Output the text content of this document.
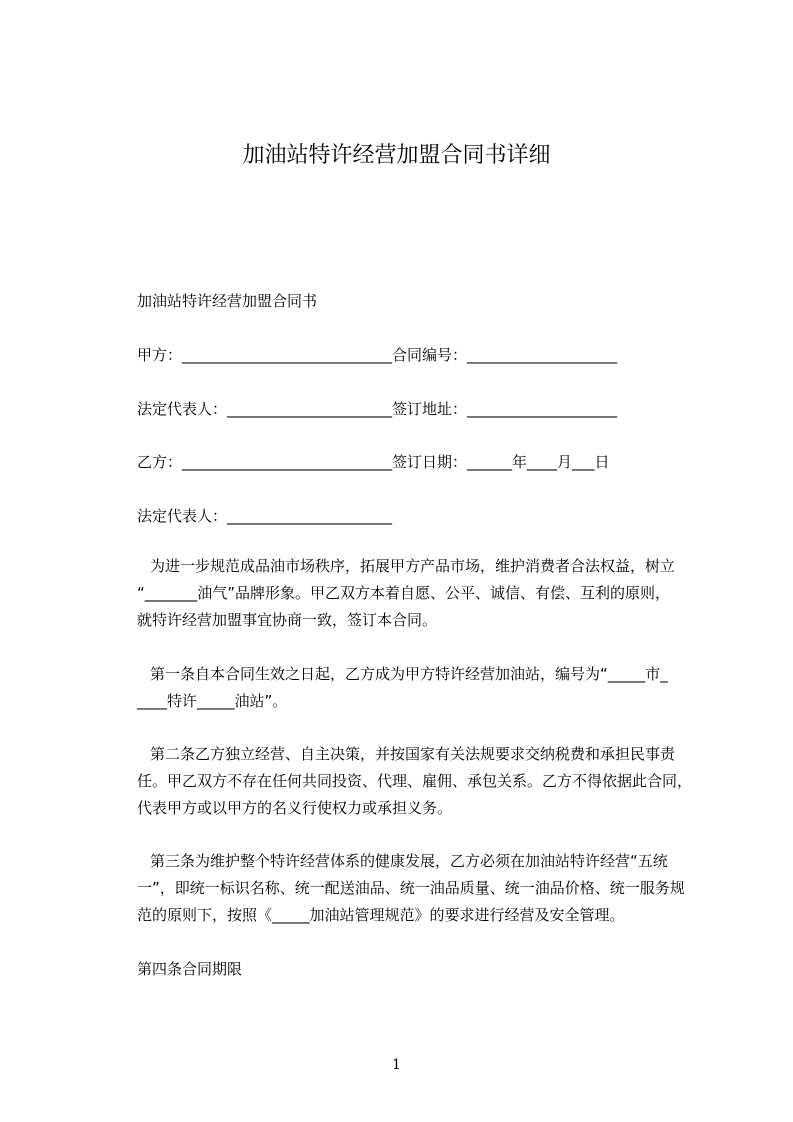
加油站特许经营加盟合同书详细

加油站特许经营加盟合同书

甲方：____________________________合同编号：____________________

法定代表人：______________________签订地址：____________________

乙方：____________________________签订日期：______年____月___日

法定代表人：______________________

为进一步规范成品油市场秩序，拓展甲方产品市场，维护消费者合法权益，树立
“_______油气”品牌形象。甲乙双方本着自愿、公平、诚信、有偿、互利的原则，
就特许经营加盟事宜协商一致，签订本合同。
第一条自本合同生效之日起，乙方成为甲方特许经营加油站，编号为“_____市_
____特许_____油站”。
第二条乙方独立经营、自主决策，并按国家有关法规要求交纳税费和承担民事责
任。甲乙双方不存在任何共同投资、代理、雇佣、承包关系。乙方不得依据此合同，
代表甲方或以甲方的名义行使权力或承担义务。
第三条为维护整个特许经营体系的健康发展，乙方必须在加油站特许经营“五统
一”，即统一标识名称、统一配送油品、统一油品质量、统一油品价格、统一服务规
范的原则下，按照《_____加油站管理规范》的要求进行经营及安全管理。

第四条合同期限

1
